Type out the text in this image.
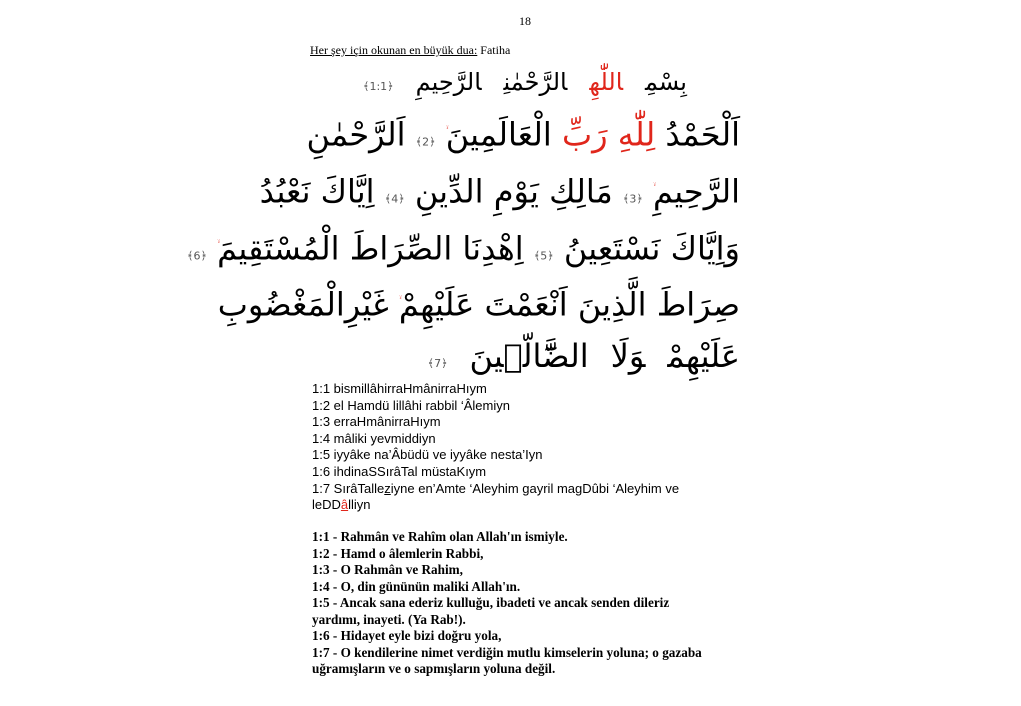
18
Her şey için okunan en büyük dua: Fatiha
بِسْمِاللّٰهِالرَّحْمٰنِالرَّحِيمِ﴿1:1﴾
اَلْحَمْدُ لِلّٰهِ رَبِّ الْعَالَمِينَ ﴿2﴾ اَلرَّحْمٰنِ
الرَّحِيمِ ﴿3﴾ مَالِكِ يَوْمِ الدِّينِ ﴿4﴾ اِيَّاكَ نَعْبُدُ
وَاِيَّاكَ نَسْتَعِينُ ﴿5﴾ اِهْدِنَا الصِّرَاطَ الْمُسْتَقِيمَ ﴿6﴾
صِرَاطَ الَّذِينَ اَنْعَمْتَ عَلَيْهِمْ غَيْرِالْمَغْضُوبِ
عَلَيْهِمْوَلَاالضَّٓالّ۪ينَ﴿7﴾
1:1 bismillâhirraHmânirraHıym
1:2 el Hamdü lillâhi rabbil ‘Âlemiyn
1:3 erraHmânirraHıym
1:4 mâliki yevmiddiyn
1:5 iyyâke na’Âbüdü ve iyyâke nesta’Iyn
1:6 ihdinaSSırâTal müstaKıym
1:7 SırâTalleziyne en’Amte ‘Aleyhim gayril magDûbi ‘Aleyhim ve
leDDâlliyn
1:1 - Rahmân ve Rahîm olan Allah'ın ismiyle.
1:2 - Hamd o âlemlerin Rabbi,
1:3 - O Rahmân ve Rahim,
1:4 - O, din gününün maliki Allah'ın.
1:5 - Ancak sana ederiz kulluğu, ibadeti ve ancak senden dileriz
yardımı, inayeti. (Ya Rab!).
1:6 - Hidayet eyle bizi doğru yola,
1:7 - O kendilerine nimet verdiğin mutlu kimselerin yoluna; o gazaba
uğramışların ve o sapmışların yoluna değil.
